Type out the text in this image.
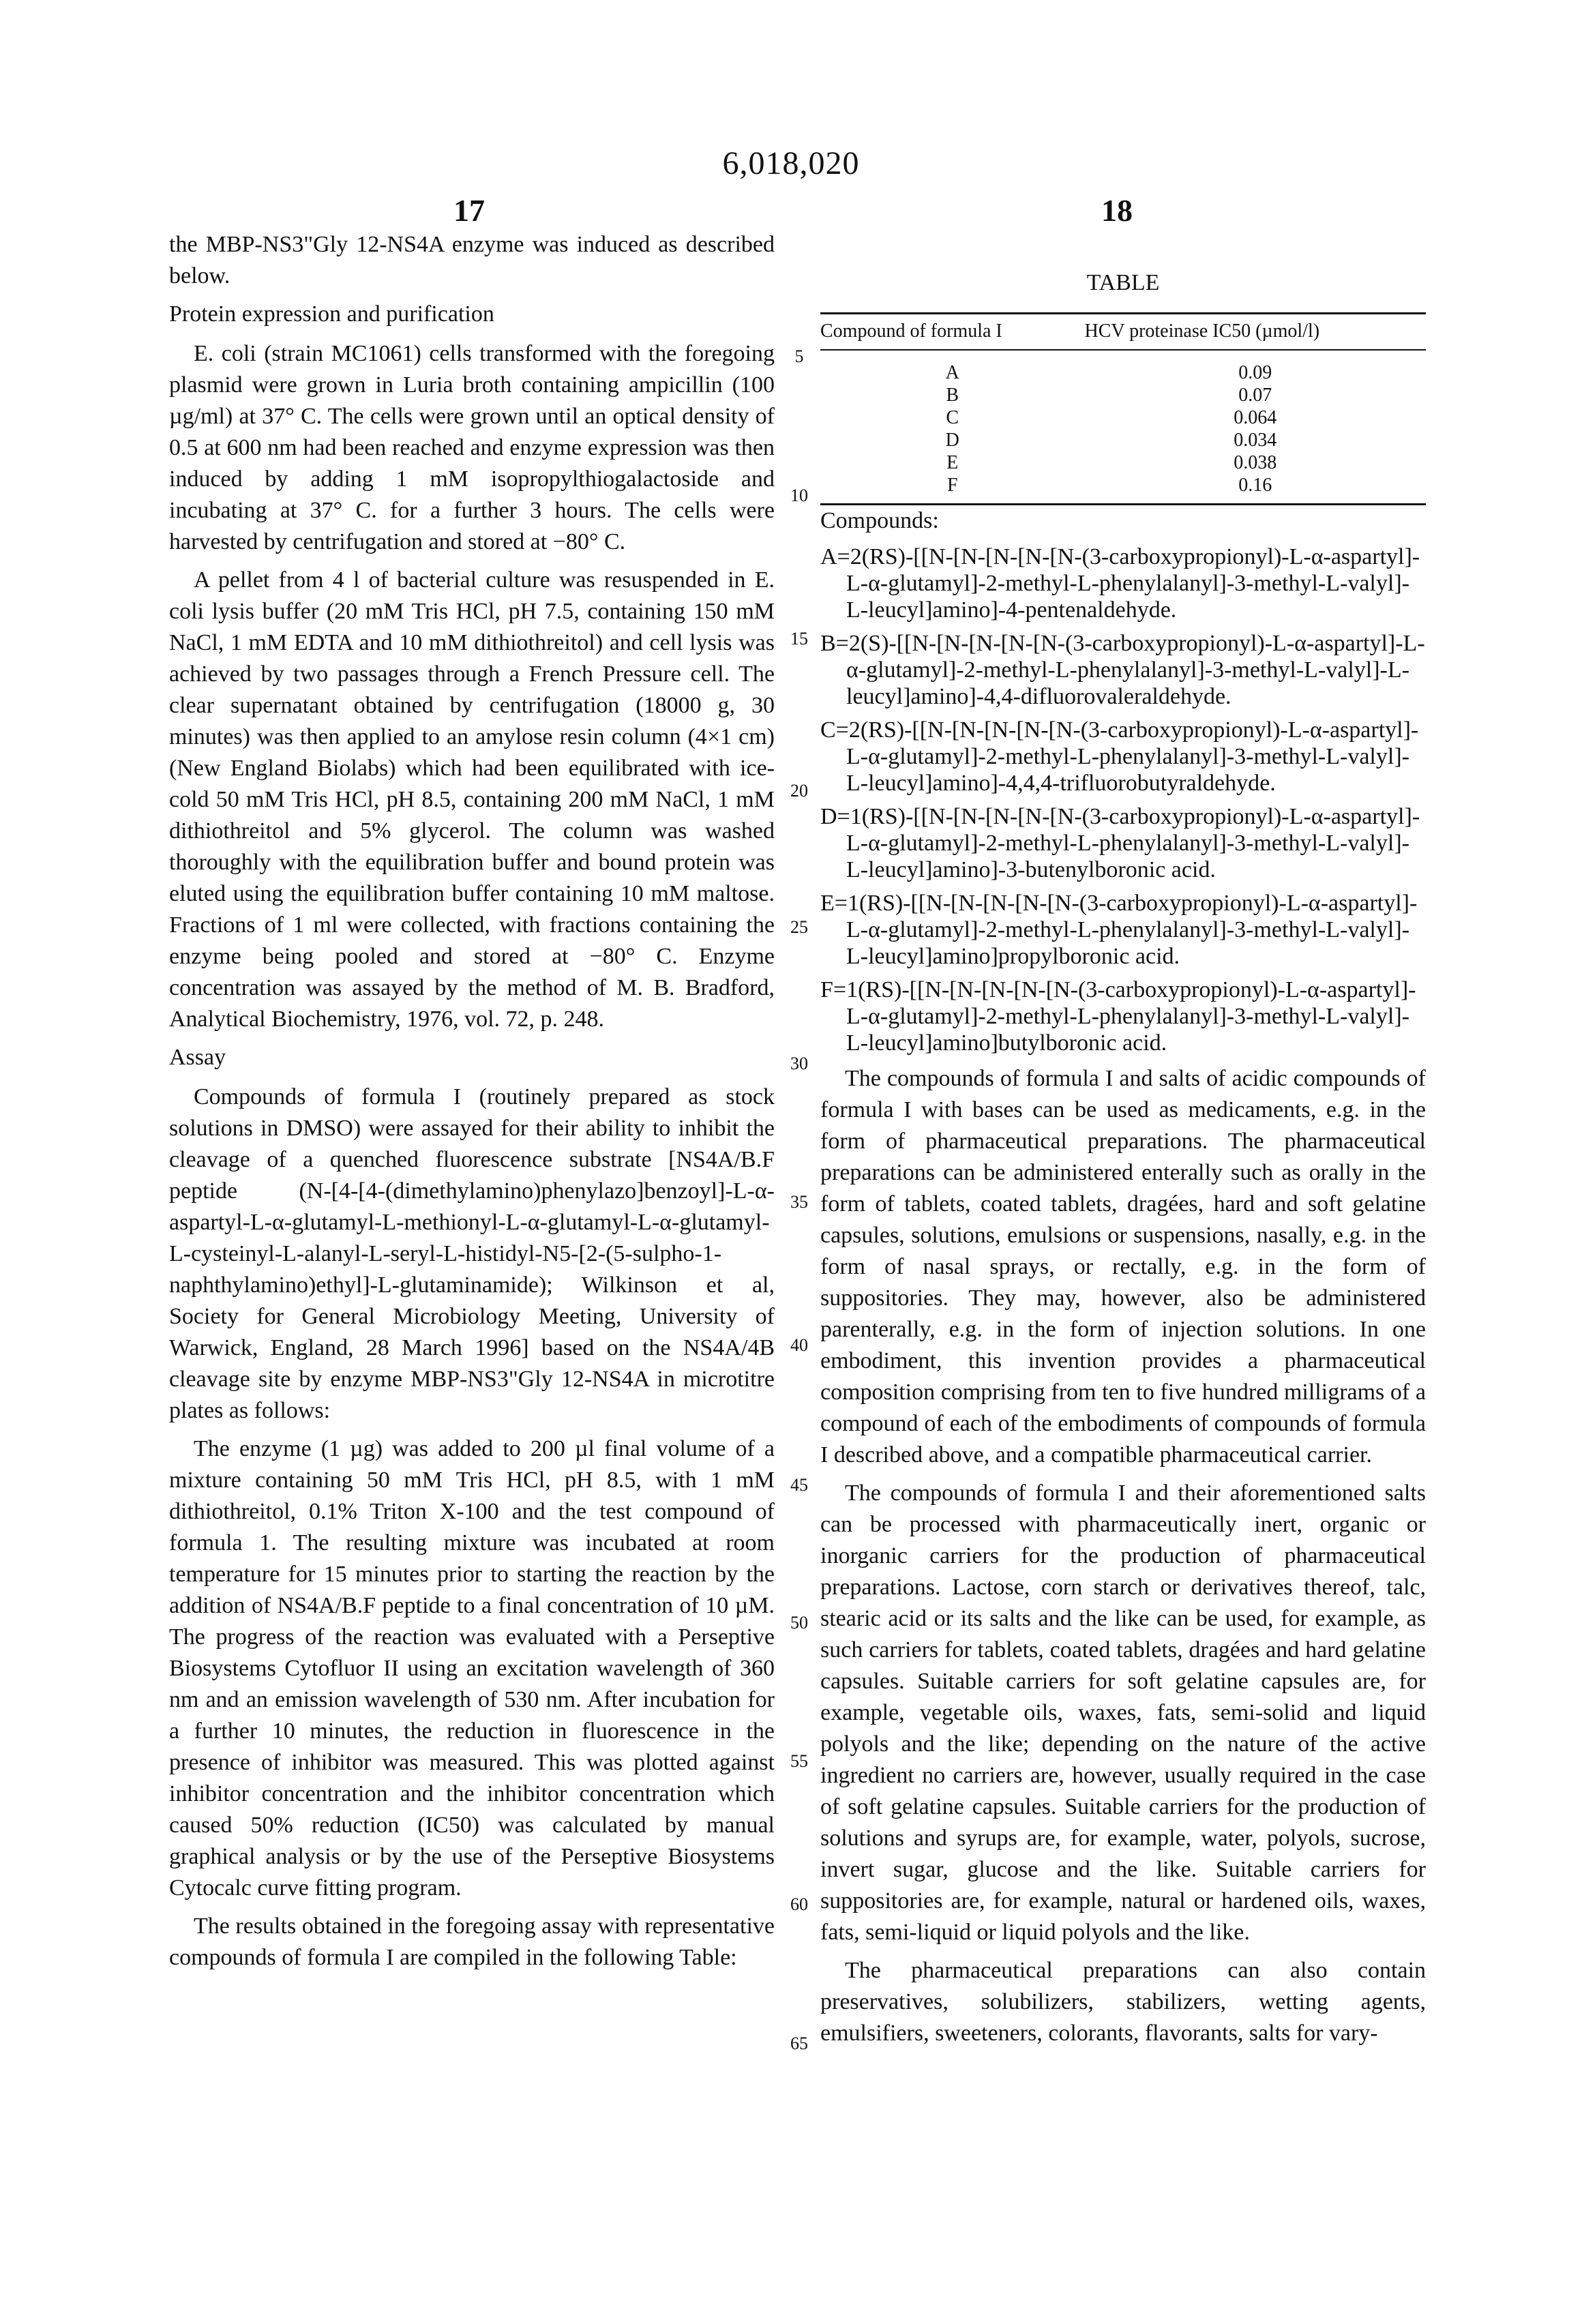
6,018,020
17	18

the MBP-NS3"Gly 12-NS4A enzyme was induced as described below.

Protein expression and purification

E. coli (strain MC1061) cells transformed with the foregoing plasmid were grown in Luria broth containing ampicillin (100 µg/ml) at 37° C. The cells were grown until an optical density of 0.5 at 600 nm had been reached and enzyme expression was then induced by adding 1 mM isopropylthiogalactoside and incubating at 37° C. for a further 3 hours. The cells were harvested by centrifugation and stored at −80° C.

A pellet from 4 l of bacterial culture was resuspended in E. coli lysis buffer (20 mM Tris HCl, pH 7.5, containing 150 mM NaCl, 1 mM EDTA and 10 mM dithiothreitol) and cell lysis was achieved by two passages through a French Pressure cell. The clear supernatant obtained by centrifugation (18000 g, 30 minutes) was then applied to an amylose resin column (4×1 cm) (New England Biolabs) which had been equilibrated with ice-cold 50 mM Tris HCl, pH 8.5, containing 200 mM NaCl, 1 mM dithiothreitol and 5% glycerol. The column was washed thoroughly with the equilibration buffer and bound protein was eluted using the equilibration buffer containing 10 mM maltose. Fractions of 1 ml were collected, with fractions containing the enzyme being pooled and stored at −80° C. Enzyme concentration was assayed by the method of M. B. Bradford, Analytical Biochemistry, 1976, vol. 72, p. 248.

Assay

Compounds of formula I (routinely prepared as stock solutions in DMSO) were assayed for their ability to inhibit the cleavage of a quenched fluorescence substrate [NS4A/B.F peptide (N-[4-[4-(dimethylamino)phenylazo]benzoyl]-L-α-aspartyl-L-α-glutamyl-L-methionyl-L-α-glutamyl-L-α-glutamyl-L-cysteinyl-L-alanyl-L-seryl-L-histidyl-N5-[2-(5-sulpho-1-naphthylamino)ethyl]-L-glutaminamide); Wilkinson et al, Society for General Microbiology Meeting, University of Warwick, England, 28 March 1996] based on the NS4A/4B cleavage site by enzyme MBP-NS3"Gly 12-NS4A in microtitre plates as follows:

The enzyme (1 µg) was added to 200 µl final volume of a mixture containing 50 mM Tris HCl, pH 8.5, with 1 mM dithiothreitol, 0.1% Triton X-100 and the test compound of formula 1. The resulting mixture was incubated at room temperature for 15 minutes prior to starting the reaction by the addition of NS4A/B.F peptide to a final concentration of 10 µM. The progress of the reaction was evaluated with a Perseptive Biosystems Cytofluor II using an excitation wavelength of 360 nm and an emission wavelength of 530 nm. After incubation for a further 10 minutes, the reduction in fluorescence in the presence of inhibitor was measured. This was plotted against inhibitor concentration and the inhibitor concentration which caused 50% reduction (IC50) was calculated by manual graphical analysis or by the use of the Perseptive Biosystems Cytocalc curve fitting program.

The results obtained in the foregoing assay with representative compounds of formula I are compiled in the following Table:

5
10
15
20
25
30
35
40
45
50
55
60
65
TABLE
Compound of formula I	HCV proteinase IC50 (µmol/l)
A	0.09
B	0.07
C	0.064
D	0.034
E	0.038
F	0.16

Compounds:

A=2(RS)-[[N-[N-[N-[N-[N-(3-carboxypropionyl)-L-α-aspartyl]-L-α-glutamyl]-2-methyl-L-phenylalanyl]-3-methyl-L-valyl]-L-leucyl]amino]-4-pentenaldehyde.

B=2(S)-[[N-[N-[N-[N-[N-(3-carboxypropionyl)-L-α-aspartyl]-L-α-glutamyl]-2-methyl-L-phenylalanyl]-3-methyl-L-valyl]-L-leucyl]amino]-4,4-difluorovaleraldehyde.

C=2(RS)-[[N-[N-[N-[N-[N-(3-carboxypropionyl)-L-α-aspartyl]-L-α-glutamyl]-2-methyl-L-phenylalanyl]-3-methyl-L-valyl]-L-leucyl]amino]-4,4,4-trifluorobutyraldehyde.

D=1(RS)-[[N-[N-[N-[N-[N-(3-carboxypropionyl)-L-α-aspartyl]-L-α-glutamyl]-2-methyl-L-phenylalanyl]-3-methyl-L-valyl]-L-leucyl]amino]-3-butenylboronic acid.

E=1(RS)-[[N-[N-[N-[N-[N-(3-carboxypropionyl)-L-α-aspartyl]-L-α-glutamyl]-2-methyl-L-phenylalanyl]-3-methyl-L-valyl]-L-leucyl]amino]propylboronic acid.

F=1(RS)-[[N-[N-[N-[N-[N-(3-carboxypropionyl)-L-α-aspartyl]-L-α-glutamyl]-2-methyl-L-phenylalanyl]-3-methyl-L-valyl]-L-leucyl]amino]butylboronic acid.

The compounds of formula I and salts of acidic compounds of formula I with bases can be used as medicaments, e.g. in the form of pharmaceutical preparations. The pharmaceutical preparations can be administered enterally such as orally in the form of tablets, coated tablets, dragées, hard and soft gelatine capsules, solutions, emulsions or suspensions, nasally, e.g. in the form of nasal sprays, or rectally, e.g. in the form of suppositories. They may, however, also be administered parenterally, e.g. in the form of injection solutions. In one embodiment, this invention provides a pharmaceutical composition comprising from ten to five hundred milligrams of a compound of each of the embodiments of compounds of formula I described above, and a compatible pharmaceutical carrier.

The compounds of formula I and their aforementioned salts can be processed with pharmaceutically inert, organic or inorganic carriers for the production of pharmaceutical preparations. Lactose, corn starch or derivatives thereof, talc, stearic acid or its salts and the like can be used, for example, as such carriers for tablets, coated tablets, dragées and hard gelatine capsules. Suitable carriers for soft gelatine capsules are, for example, vegetable oils, waxes, fats, semi-solid and liquid polyols and the like; depending on the nature of the active ingredient no carriers are, however, usually required in the case of soft gelatine capsules. Suitable carriers for the production of solutions and syrups are, for example, water, polyols, sucrose, invert sugar, glucose and the like. Suitable carriers for suppositories are, for example, natural or hardened oils, waxes, fats, semi-liquid or liquid polyols and the like.

The pharmaceutical preparations can also contain preservatives, solubilizers, stabilizers, wetting agents, emulsifiers, sweeteners, colorants, flavorants, salts for vary-
